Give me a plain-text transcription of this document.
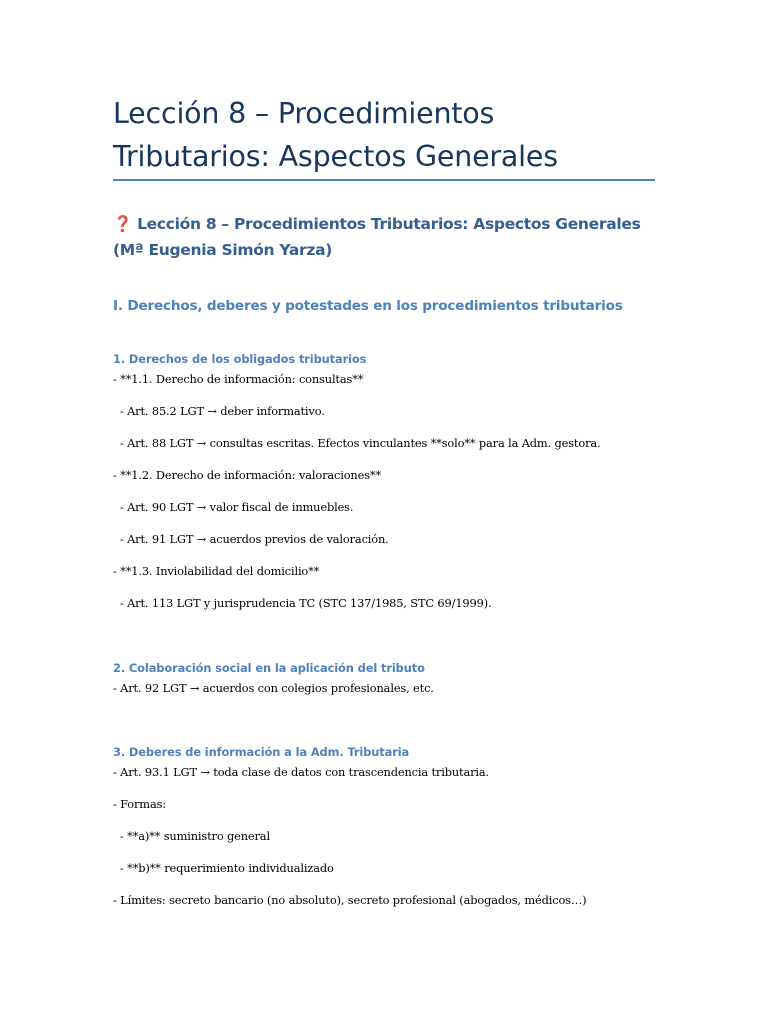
Lección 8 – Procedimientos Tributarios: Aspectos Generales
❓ Lección 8 – Procedimientos Tributarios: Aspectos Generales (Mª Eugenia Simón Yarza)
I. Derechos, deberes y potestades en los procedimientos tributarios
1. Derechos de los obligados tributarios

- **1.1. Derecho de información: consultas**

- Art. 85.2 LGT → deber informativo.

- Art. 88 LGT → consultas escritas. Efectos vinculantes **solo** para la Adm. gestora.

- **1.2. Derecho de información: valoraciones**

- Art. 90 LGT → valor fiscal de inmuebles.

- Art. 91 LGT → acuerdos previos de valoración.

- **1.3. Inviolabilidad del domicilio**

- Art. 113 LGT y jurisprudencia TC (STC 137/1985, STC 69/1999).

2. Colaboración social en la aplicación del tributo

- Art. 92 LGT → acuerdos con colegios profesionales, etc.

3. Deberes de información a la Adm. Tributaria

- Art. 93.1 LGT → toda clase de datos con trascendencia tributaria.

- Formas:

- **a)** suministro general

- **b)** requerimiento individualizado

- Límites: secreto bancario (no absoluto), secreto profesional (abogados, médicos…)
